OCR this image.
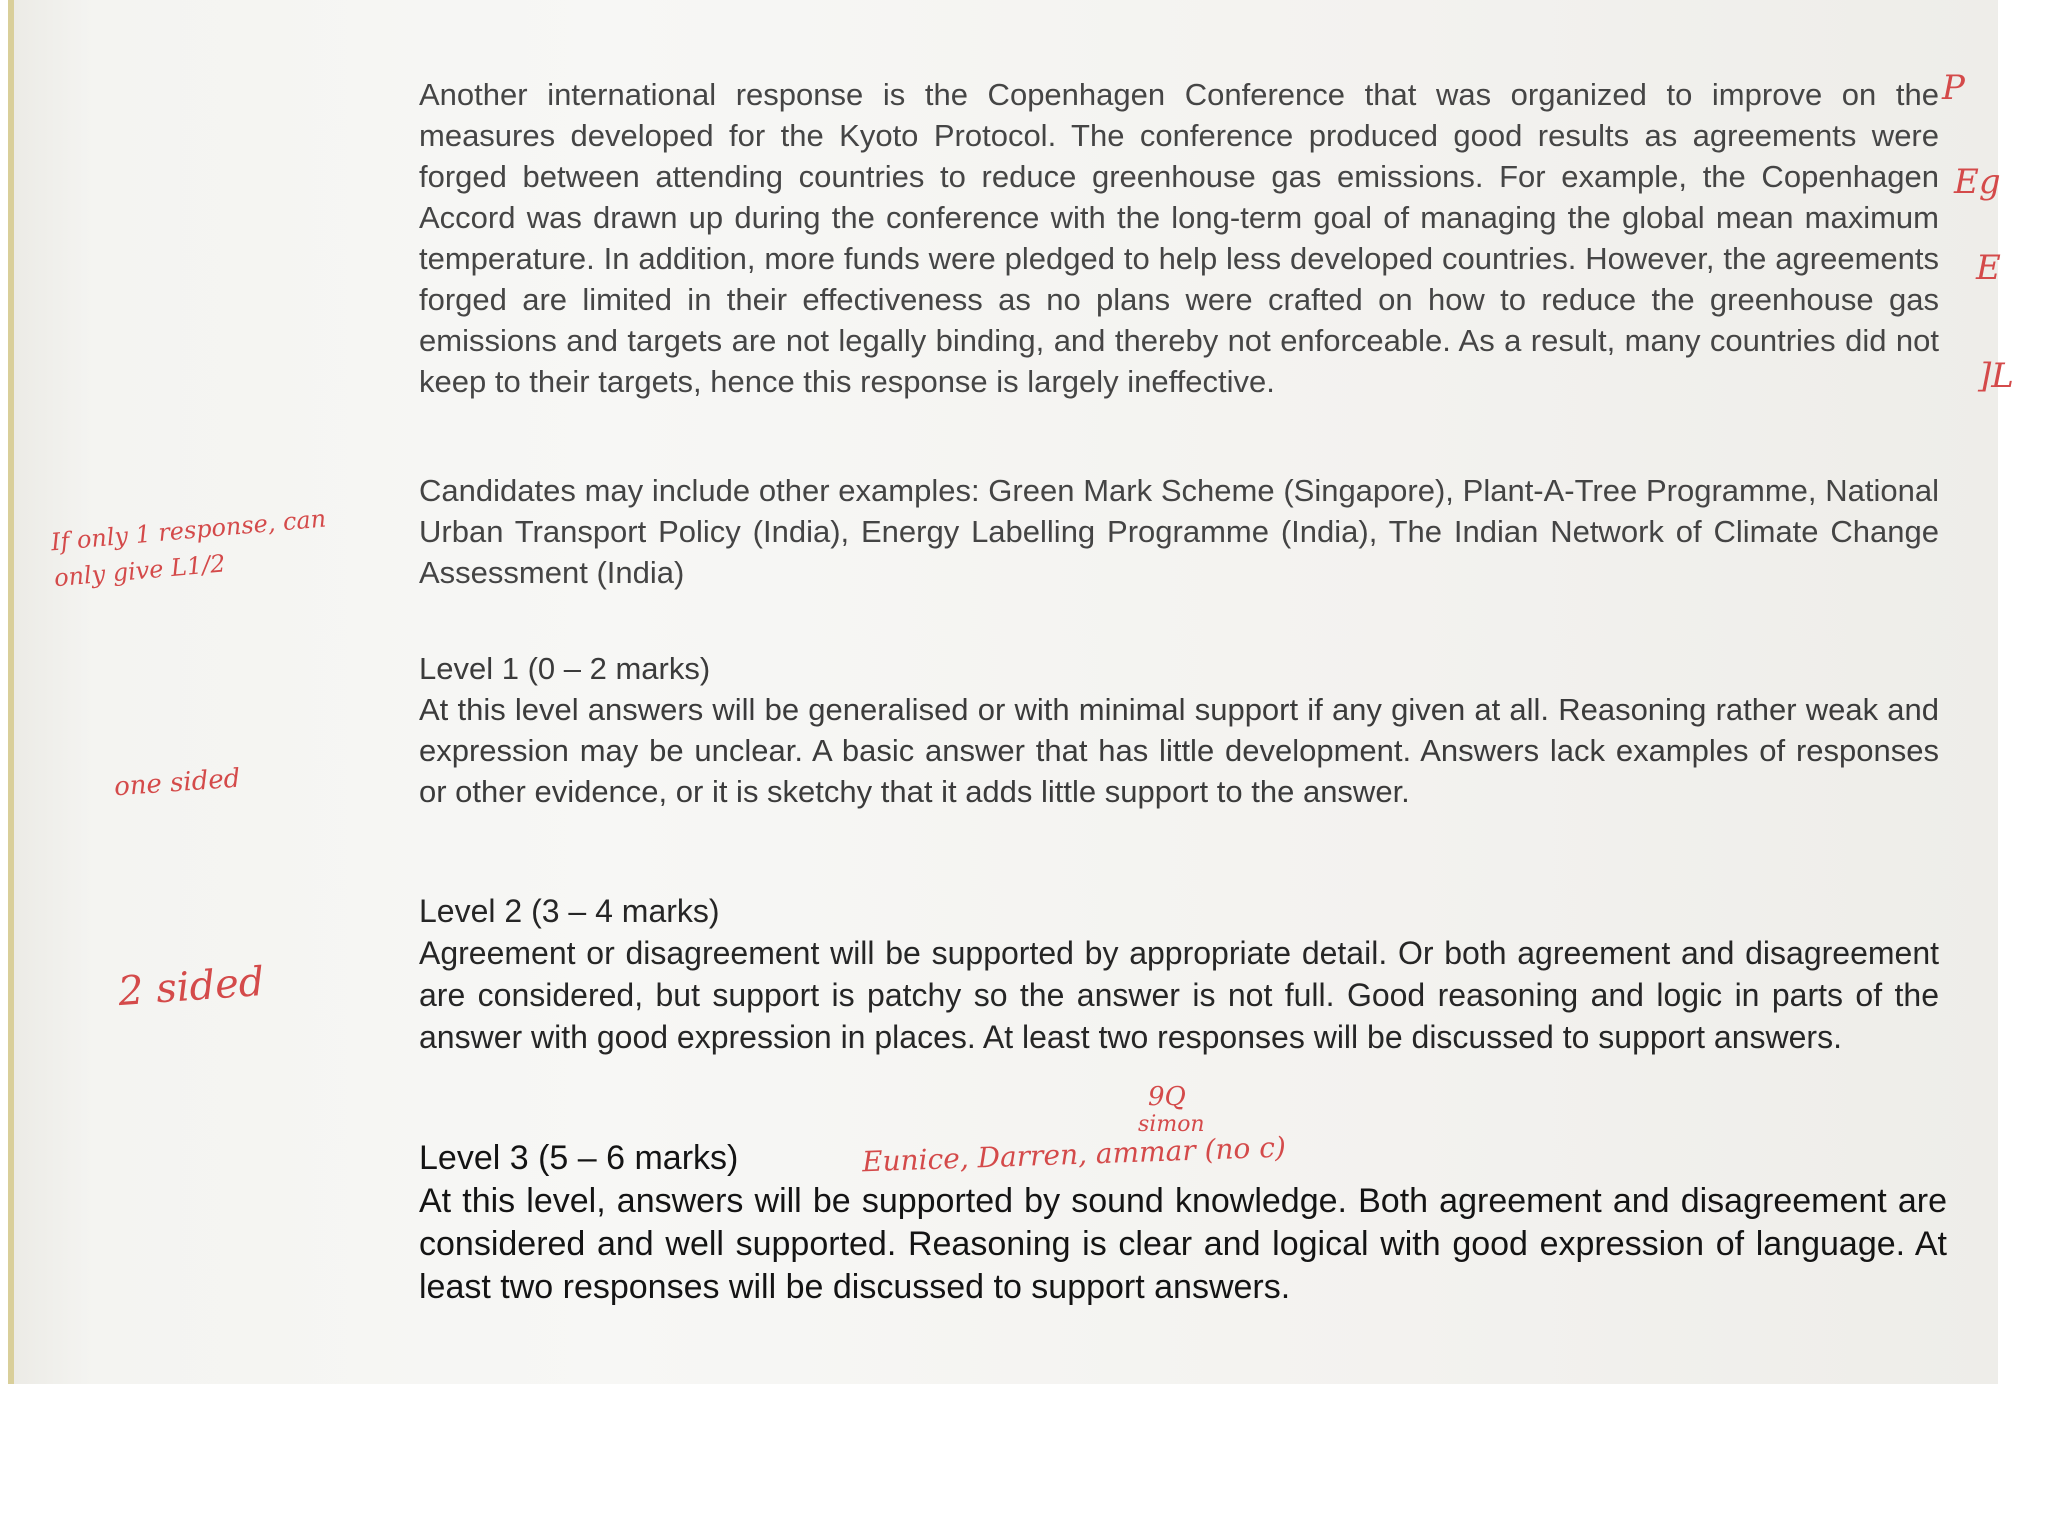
Another international response is the Copenhagen Conference that was organized to improve on the measures developed for the Kyoto Protocol. The conference produced good results as agreements were forged between attending countries to reduce greenhouse gas emissions. For example, the Copenhagen Accord was drawn up during the conference with the long-term goal of managing the global mean maximum temperature. In addition, more funds were pledged to help less developed countries. However, the agreements forged are limited in their effectiveness as no plans were crafted on how to reduce the greenhouse gas emissions and targets are not legally binding, and thereby not enforceable. As a result, many countries did not keep to their targets, hence this response is largely ineffective.

Candidates may include other examples: Green Mark Scheme (Singapore), Plant-A-Tree Programme, National Urban Transport Policy (India), Energy Labelling Programme (India), The Indian Network of Climate Change Assessment (India)

Level 1 (0 – 2 marks)

At this level answers will be generalised or with minimal support if any given at all. Reasoning rather weak and expression may be unclear. A basic answer that has little development. Answers lack examples of responses or other evidence, or it is sketchy that it adds little support to the answer.

Level 2 (3 – 4 marks)

Agreement or disagreement will be supported by appropriate detail. Or both agreement and disagreement are considered, but support is patchy so the answer is not full. Good reasoning and logic in parts of the answer with good expression in places. At least two responses will be discussed to support answers.

Level 3 (5 – 6 marks)

At this level, answers will be supported by sound knowledge. Both agreement and disagreement are considered and well supported. Reasoning is clear and logical with good expression of language. At least two responses will be discussed to support answers.

P
Eg
E
]L
If only 1 response, can only give L1/2
one sided
2 sided
9Q
simon
Eunice, Darren, ammar (no c)
